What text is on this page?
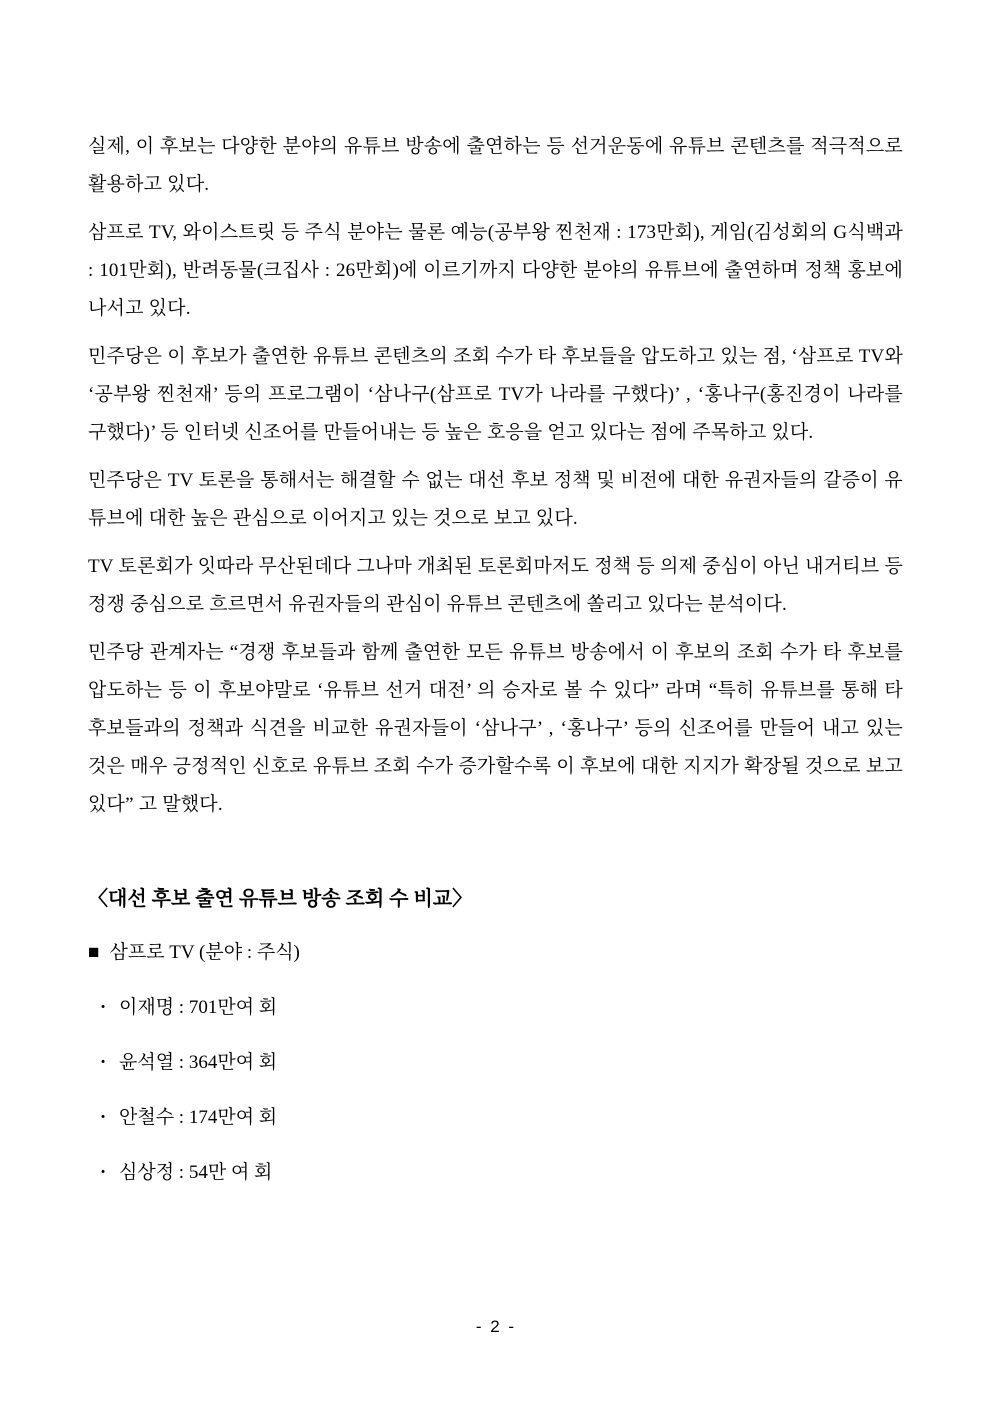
실제, 이 후보는 다양한 분야의 유튜브 방송에 출연하는 등 선거운동에 유튜브 콘텐츠를 적극적으로 활용하고 있다.

삼프로 TV, 와이스트릿 등 주식 분야는 물론 예능(공부왕 찐천재 : 173만회), 게임(김성회의 G식백과 : 101만회), 반려동물(크집사 : 26만회)에 이르기까지 다양한 분야의 유튜브에 출연하며 정책 홍보에 나서고 있다.

민주당은 이 후보가 출연한 유튜브 콘텐츠의 조회 수가 타 후보들을 압도하고 있는 점, ‘삼프로 TV와 ‘공부왕 찐천재’ 등의 프로그램이 ‘삼나구(삼프로 TV가 나라를 구했다)’ , ‘홍나구(홍진경이 나라를 구했다)’ 등 인터넷 신조어를 만들어내는 등 높은 호응을 얻고 있다는 점에 주목하고 있다.

민주당은 TV 토론을 통해서는 해결할 수 없는 대선 후보 정책 및 비전에 대한 유권자들의 갈증이 유튜브에 대한 높은 관심으로 이어지고 있는 것으로 보고 있다.

TV 토론회가 잇따라 무산된데다 그나마 개최된 토론회마저도 정책 등 의제 중심이 아닌 내거티브 등 정쟁 중심으로 흐르면서 유권자들의 관심이 유튜브 콘텐츠에 쏠리고 있다는 분석이다.

민주당 관계자는 “경쟁 후보들과 함께 출연한 모든 유튜브 방송에서 이 후보의 조회 수가 타 후보를 압도하는 등 이 후보야말로 ‘유튜브 선거 대전’ 의 승자로 볼 수 있다” 라며 “특히 유튜브를 통해 타 후보들과의 정책과 식견을 비교한 유권자들이 ‘삼나구’ , ‘홍나구’ 등의 신조어를 만들어 내고 있는 것은 매우 긍정적인 신호로 유튜브 조회 수가 증가할수록 이 후보에 대한 지지가 확장될 것으로 보고 있다” 고 말했다.

〈대선 후보 출연 유튜브 방송 조회 수 비교〉
■ 삼프로 TV (분야 : 주식)
· 이재명 : 701만여 회
· 윤석열 : 364만여 회
· 안철수 : 174만여 회
· 심상정 : 54만 여 회
- 2 -
